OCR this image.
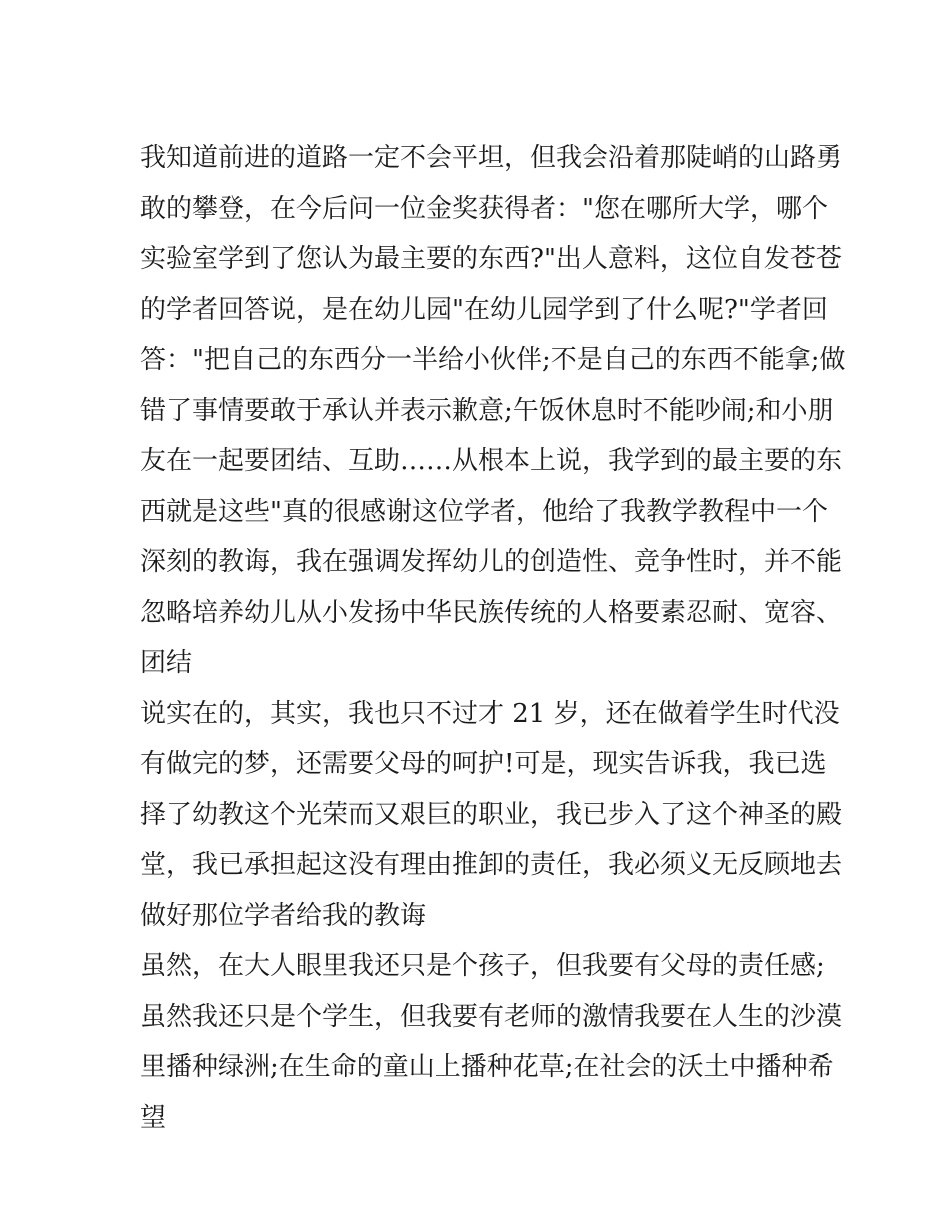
我知道前进的道路一定不会平坦，但我会沿着那陡峭的山路勇
敢的攀登，在今后问一位金奖获得者："您在哪所大学，哪个
实验室学到了您认为最主要的东西?"出人意料，这位自发苍苍
的学者回答说，是在幼儿园"在幼儿园学到了什么呢?"学者回
答："把自己的东西分一半给小伙伴;不是自己的东西不能拿;做
错了事情要敢于承认并表示歉意;午饭休息时不能吵闹;和小朋
友在一起要团结、互助……从根本上说，我学到的最主要的东
西就是这些"真的很感谢这位学者，他给了我教学教程中一个
深刻的教诲，我在强调发挥幼儿的创造性、竞争性时，并不能
忽略培养幼儿从小发扬中华民族传统的人格要素忍耐、宽容、
团结
说实在的，其实，我也只不过才 21 岁，还在做着学生时代没
有做完的梦，还需要父母的呵护!可是，现实告诉我，我已选
择了幼教这个光荣而又艰巨的职业，我已步入了这个神圣的殿
堂，我已承担起这没有理由推卸的责任，我必须义无反顾地去
做好那位学者给我的教诲
虽然，在大人眼里我还只是个孩子，但我要有父母的责任感;
虽然我还只是个学生，但我要有老师的激情我要在人生的沙漠
里播种绿洲;在生命的童山上播种花草;在社会的沃土中播种希
望
